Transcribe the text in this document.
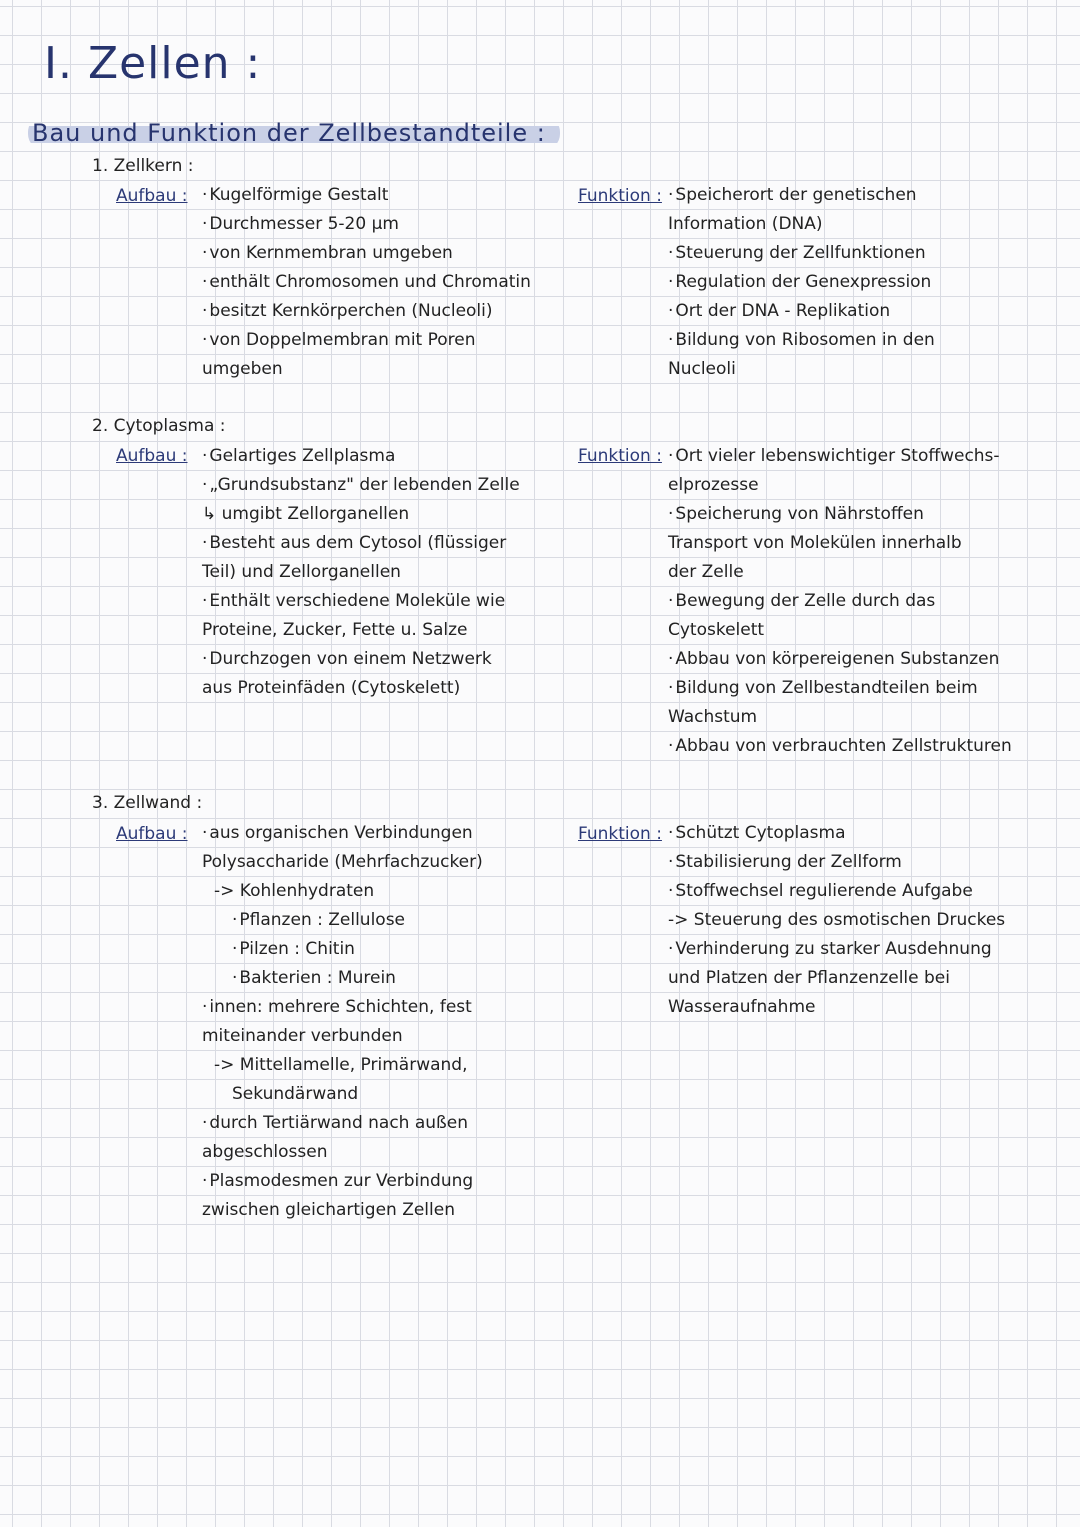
I. Zellen :
Bau und Funktion der Zellbestandteile :
1. Zellkern :
Aufbau :	· Kugelförmige Gestalt
· Durchmesser 5-20 µm
· von Kernmembran umgeben
· enthält Chromosomen und Chromatin
· besitzt Kernkörperchen (Nucleoli)
· von Doppelmembran mit Poren
umgeben
Funktion : · Speicherort der genetischen
Information (DNA)
· Steuerung der Zellfunktionen
· Regulation der Genexpression
· Ort der DNA - Replikation
· Bildung von Ribosomen in den
Nucleoli
2. Cytoplasma :
Aufbau :	· Gelartiges Zellplasma
· „Grundsubstanz" der lebenden Zelle
↳ umgibt Zellorganellen
· Besteht aus dem Cytosol (flüssiger
Teil) und Zellorganellen
· Enthält verschiedene Moleküle wie
Proteine, Zucker, Fette u. Salze
· Durchzogen von einem Netzwerk
aus Proteinfäden (Cytoskelett)
Funktion : · Ort vieler lebenswichtiger Stoffwechs-
elprozesse
· Speicherung von Nährstoffen
Transport von Molekülen innerhalb
der Zelle
· Bewegung der Zelle durch das
Cytoskelett
· Abbau von körpereigenen Substanzen
· Bildung von Zellbestandteilen beim
Wachstum
· Abbau von verbrauchten Zellstrukturen
3. Zellwand :
Aufbau :	· aus organischen Verbindungen
Polysaccharide (Mehrfachzucker)
-> Kohlenhydraten
· Pflanzen : Zellulose
· Pilzen : Chitin
· Bakterien : Murein
· innen: mehrere Schichten, fest
miteinander verbunden
-> Mittellamelle, Primärwand,
Sekundärwand
· durch Tertiärwand nach außen
abgeschlossen
· Plasmodesmen zur Verbindung
zwischen gleichartigen Zellen
Funktion : · Schützt Cytoplasma
· Stabilisierung der Zellform
· Stoffwechsel regulierende Aufgabe
-> Steuerung des osmotischen Druckes
· Verhinderung zu starker Ausdehnung
und Platzen der Pflanzenzelle bei
Wasseraufnahme
